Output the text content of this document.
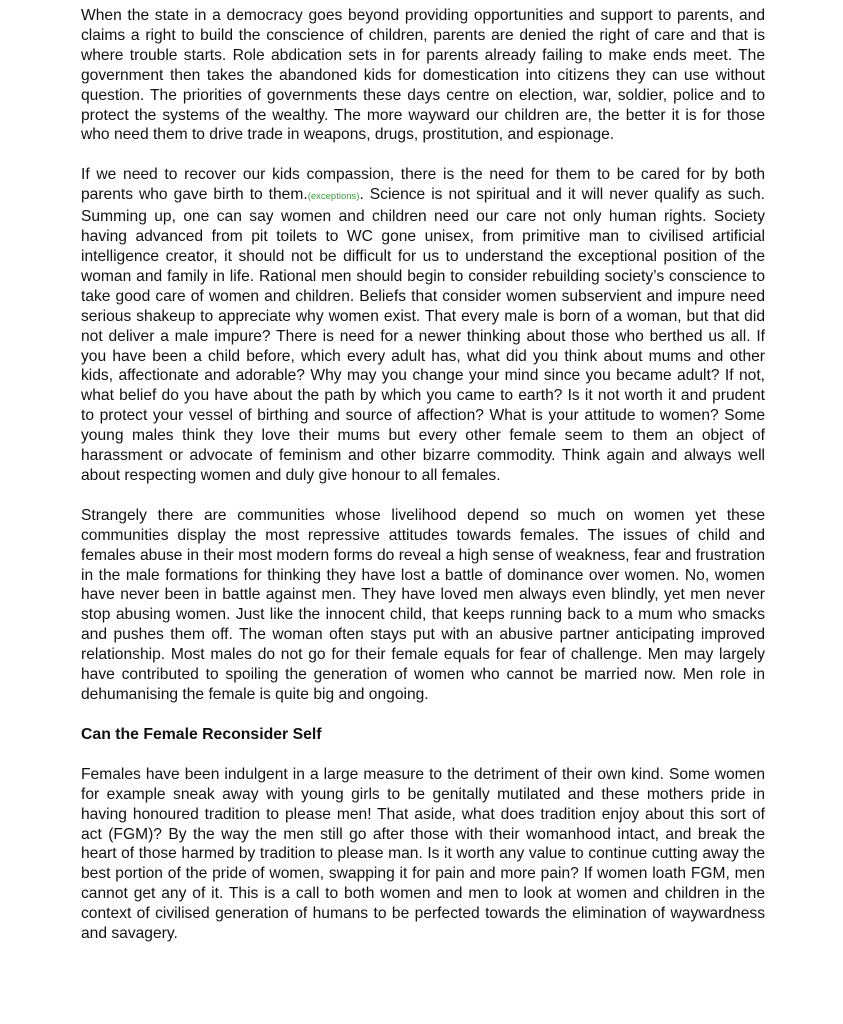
When the state in a democracy goes beyond providing opportunities and support to parents, and claims a right to build the conscience of children, parents are denied the right of care and that is where trouble starts. Role abdication sets in for parents already failing to make ends meet. The government then takes the abandoned kids for domestication into citizens they can use without question. The priorities of governments these days centre on election, war, soldier, police and to protect the systems of the wealthy. The more wayward our children are, the better it is for those who need them to drive trade in weapons, drugs, prostitution, and espionage.

If we need to recover our kids compassion, there is the need for them to be cared for by both parents who gave birth to them.(exceptions). Science is not spiritual and it will never qualify as such. Summing up, one can say women and children need our care not only human rights. Society having advanced from pit toilets to WC gone unisex, from primitive man to civilised artificial intelligence creator, it should not be difficult for us to understand the exceptional position of the woman and family in life. Rational men should begin to consider rebuilding society’s conscience to take good care of women and children. Beliefs that consider women subservient and impure need serious shakeup to appreciate why women exist. That every male is born of a woman, but that did not deliver a male impure? There is need for a newer thinking about those who berthed us all. If you have been a child before, which every adult has, what did you think about mums and other kids, affectionate and adorable? Why may you change your mind since you became adult? If not, what belief do you have about the path by which you came to earth? Is it not worth it and prudent to protect your vessel of birthing and source of affection? What is your attitude to women? Some young males think they love their mums but every other female seem to them an object of harassment or advocate of feminism and other bizarre commodity. Think again and always well about respecting women and duly give honour to all females.

Strangely there are communities whose livelihood depend so much on women yet these communities display the most repressive attitudes towards females. The issues of child and females abuse in their most modern forms do reveal a high sense of weakness, fear and frustration in the male formations for thinking they have lost a battle of dominance over women. No, women have never been in battle against men. They have loved men always even blindly, yet men never stop abusing women. Just like the innocent child, that keeps running back to a mum who smacks and pushes them off. The woman often stays put with an abusive partner anticipating improved relationship. Most males do not go for their female equals for fear of challenge. Men may largely have contributed to spoiling the generation of women who cannot be married now. Men role in dehumanising the female is quite big and ongoing.

Can the Female Reconsider Self

Females have been indulgent in a large measure to the detriment of their own kind. Some women for example sneak away with young girls to be genitally mutilated and these mothers pride in having honoured tradition to please men! That aside, what does tradition enjoy about this sort of act (FGM)? By the way the men still go after those with their womanhood intact, and break the heart of those harmed by tradition to please man. Is it worth any value to continue cutting away the best portion of the pride of women, swapping it for pain and more pain? If women loath FGM, men cannot get any of it. This is a call to both women and men to look at women and children in the context of civilised generation of humans to be perfected towards the elimination of waywardness and savagery.
